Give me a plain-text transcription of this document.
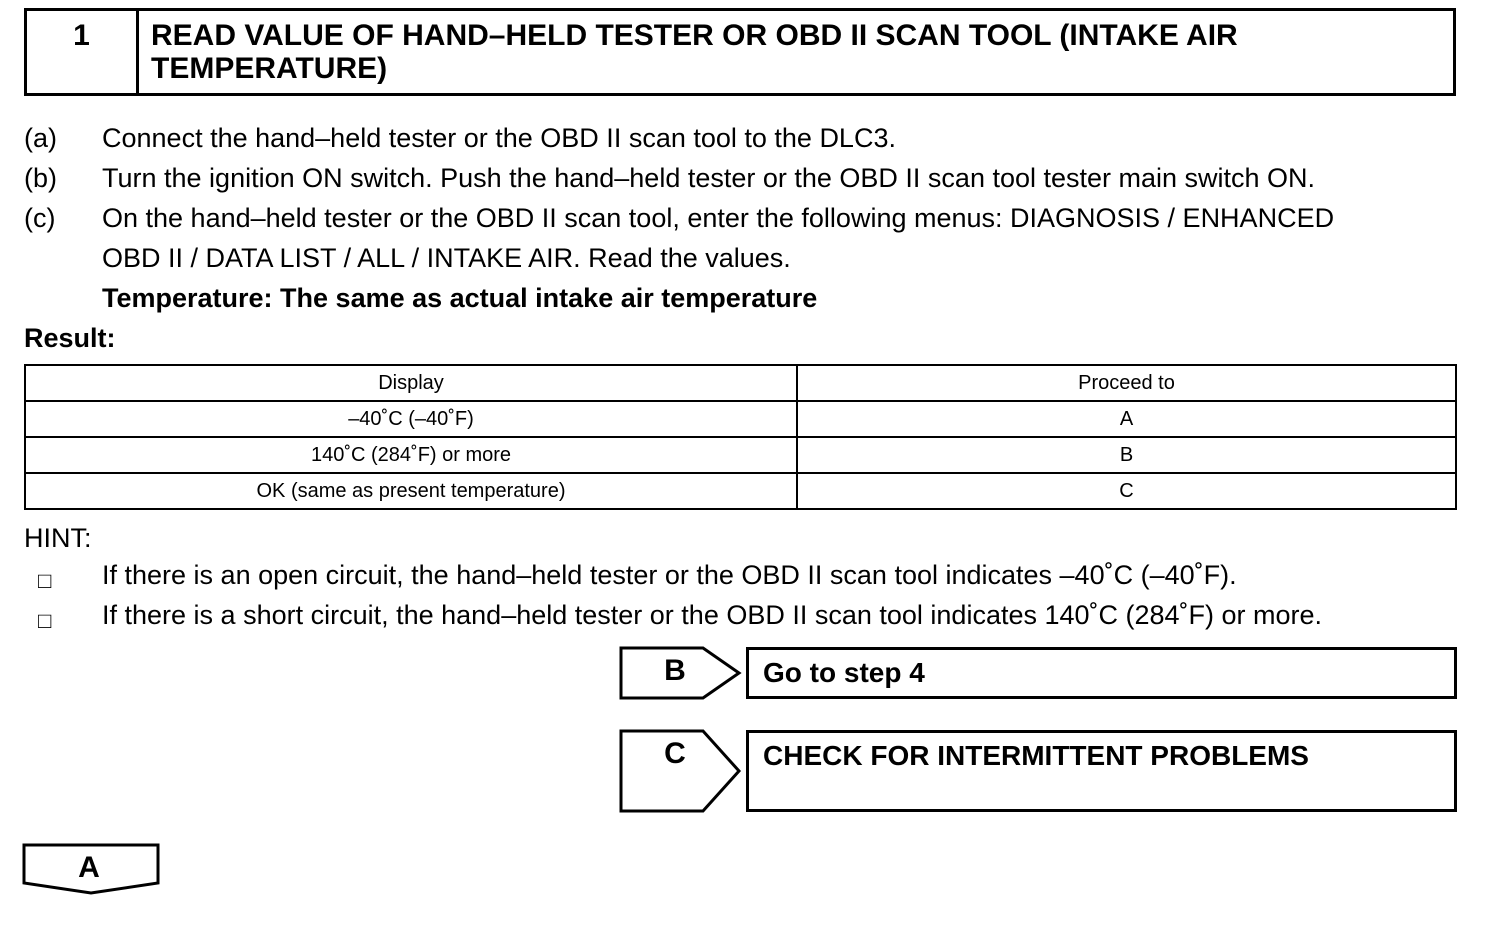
1	READ VALUE OF HAND–HELD TESTER OR OBD II SCAN TOOL (INTAKE AIR
TEMPERATURE)
(a) Connect the hand–held tester or the OBD II scan tool to the DLC3.
(b) Turn the ignition ON switch. Push the hand–held tester or the OBD II scan tool tester main switch ON.
(c) On the hand–held tester or the OBD II scan tool, enter the following menus: DIAGNOSIS / ENHANCED
OBD II / DATA LIST / ALL / INTAKE AIR. Read the values.
Temperature: The same as actual intake air temperature
Result:
Display	Proceed to
–40˚C (–40˚F)	A
140˚C (284˚F) or more	B
OK (same as present temperature)	C
HINT:
□ If there is an open circuit, the hand–held tester or the OBD II scan tool indicates –40˚C (–40˚F).
□ If there is a short circuit, the hand–held tester or the OBD II scan tool indicates 140˚C (284˚F) or more.
B	Go to step 4
C	CHECK FOR INTERMITTENT PROBLEMS
A
